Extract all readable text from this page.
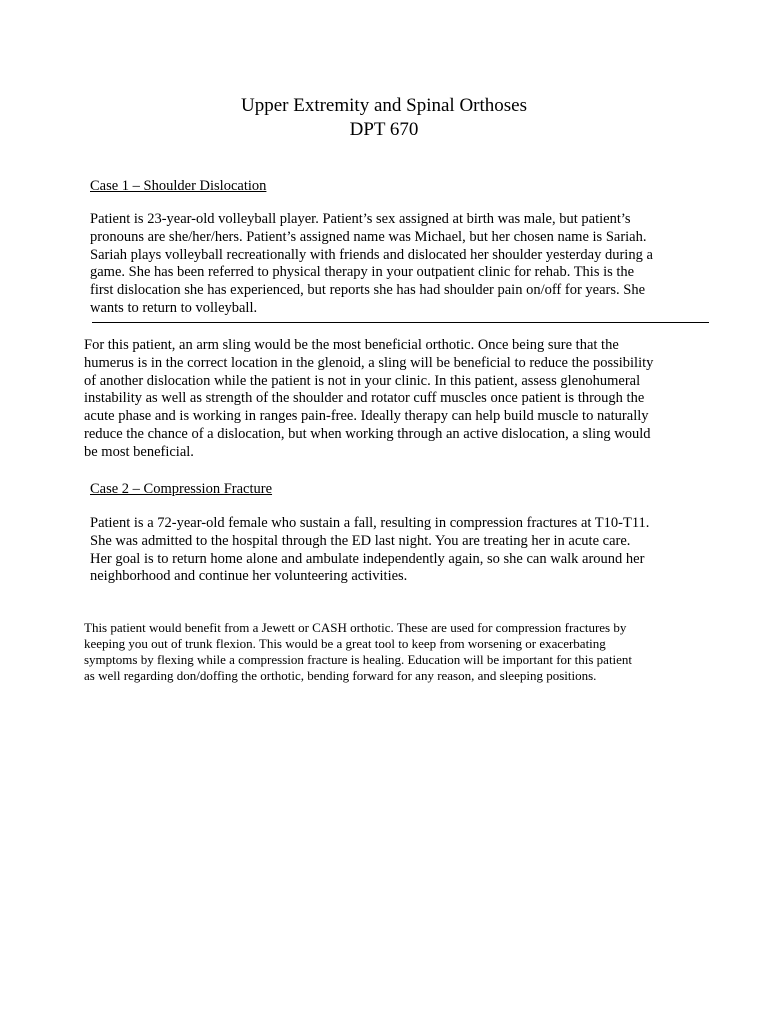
Upper Extremity and Spinal Orthoses
DPT 670
Case 1 – Shoulder Dislocation
Patient is 23-year-old volleyball player. Patient’s sex assigned at birth was male, but patient’s
pronouns are she/her/hers. Patient’s assigned name was Michael, but her chosen name is Sariah.
Sariah plays volleyball recreationally with friends and dislocated her shoulder yesterday during a
game. She has been referred to physical therapy in your outpatient clinic for rehab. This is the
first dislocation she has experienced, but reports she has had shoulder pain on/off for years. She
wants to return to volleyball.
For this patient, an arm sling would be the most beneficial orthotic. Once being sure that the
humerus is in the correct location in the glenoid, a sling will be beneficial to reduce the possibility
of another dislocation while the patient is not in your clinic. In this patient, assess glenohumeral
instability as well as strength of the shoulder and rotator cuff muscles once patient is through the
acute phase and is working in ranges pain-free. Ideally therapy can help build muscle to naturally
reduce the chance of a dislocation, but when working through an active dislocation, a sling would
be most beneficial.
Case 2 – Compression Fracture
Patient is a 72-year-old female who sustain a fall, resulting in compression fractures at T10-T11.
She was admitted to the hospital through the ED last night. You are treating her in acute care.
Her goal is to return home alone and ambulate independently again, so she can walk around her
neighborhood and continue her volunteering activities.
This patient would benefit from a Jewett or CASH orthotic. These are used for compression fractures by
keeping you out of trunk flexion. This would be a great tool to keep from worsening or exacerbating
symptoms by flexing while a compression fracture is healing. Education will be important for this patient
as well regarding don/doffing the orthotic, bending forward for any reason, and sleeping positions.
